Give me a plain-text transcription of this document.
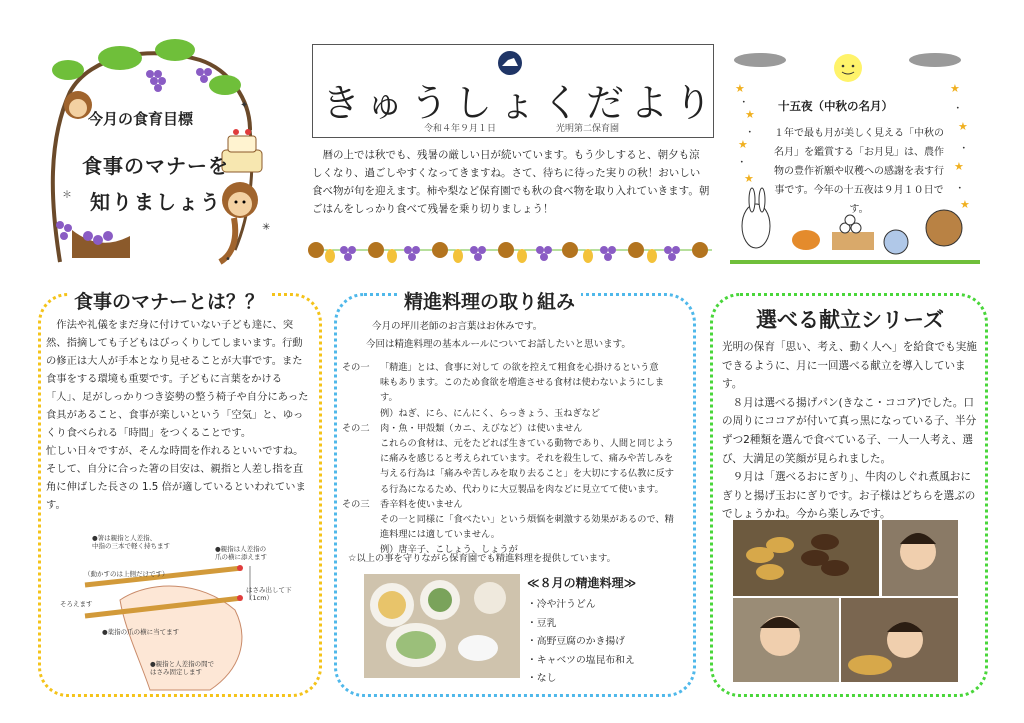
✦
✳
＊
•
★
★
★
★
★
★
★
★
•
•
•
•
•
•
今月の食育目標
食事のマナーを
知りましょう
きゅうしょくだより
令和４年９月１日	光明第二保育園
暦の上では秋でも、残暑の厳しい日が続いています。もう少しすると、朝夕も涼しくなり、過ごしやすくなってきますね。さて、待ちに待った実りの秋！おいしい食べ物が旬を迎えます。柿や梨など保育園でも秋の食べ物を取り入れていきます。朝ごはんをしっかり食べて残暑を乗り切りましょう！
十五夜（中秋の名月）
１年で最も月が美しく見える「中秋の名月」を鑑賞する「お月見」は、農作物の豊作祈願や収穫への感謝を表す行事です。今年の十五夜は９月１０日です。
食事のマナーとは？？
　作法や礼儀をまだ身に付けていない子ども達に、突然、指摘しても子どもはびっくりしてしまいます。行動の修正は大人が手本となり見せることが大事です。また食事をする環境も重要です。子どもに言葉をかける「人」、足がしっかりつき姿勢の整う椅子や自分にあった食具があること、食事が楽しいという「空気」と、ゆっくり食べられる「時間」をつくることです。
忙しい日々ですが、そんな時間を作れるといいですね。そして、自分に合った箸の目安は、親指と人差し指を直角に伸ばした長さの 1.5 倍が適しているといわれています。
●箸は親指と人差指、
中指の三本で軽く持ちます	●親指は人差指の
爪の横に添えます
（動かすのは上側だけです）
はさみ出して下
（1cm）
そろえます
●薬指の爪の横に当てます
●親指と人差指の間で
はさみ固定します
精進料理の取り組み
今月の坪川老師のお言葉はお休みです。
今回は精進料理の基本ルールについてお話したいと思います。
その一	「精進」とは、食事に対して の欲を控えて粗食を心掛けるという意
味もあります。このため食欲を増進させる食材は使わないようにします。
例）ねぎ、にら、にんにく、らっきょう、玉ねぎなど
その二	肉・魚・甲殻類（カニ、えびなど）は使いません
これらの食材は、元をたどれば生きている動物であり、人間と同じように痛みを感じると考えられています。それを殺生して、痛みや苦しみを与える行為は「痛みや苦しみを取り去ること」を大切にする仏教に反する行為になるため、代わりに大豆製品を肉などに見立てて使います。
その三	香辛料を使いません
その一と同様に「食べたい」という煩悩を刺激する効果があるので、精進料理には適していません。
例）唐辛子、こしょう、しょうが
☆以上の事を守りながら保育園でも精進料理を提供しています。
≪８月の精進料理≫
・冷や汁うどん
・豆乳
・高野豆腐のかき揚げ
・キャベツの塩昆布和え
・なし
選べる献立シリーズ
光明の保育「思い、考え、動く人へ」を給食でも実施できるように、月に一回選べる献立を導入しています。
　８月は選べる揚げパン(きなこ・ココア)でした。口の周りにココアが付いて真っ黒になっている子、半分ずつ2種類を選んで食べている子、一人一人考え、選び、大満足の笑顔が見られました。
　９月は「選べるおにぎり」、牛肉のしぐれ煮風おにぎりと揚げ玉おにぎりです。お子様はどちらを選ぶのでしょうかね。今から楽しみです。
